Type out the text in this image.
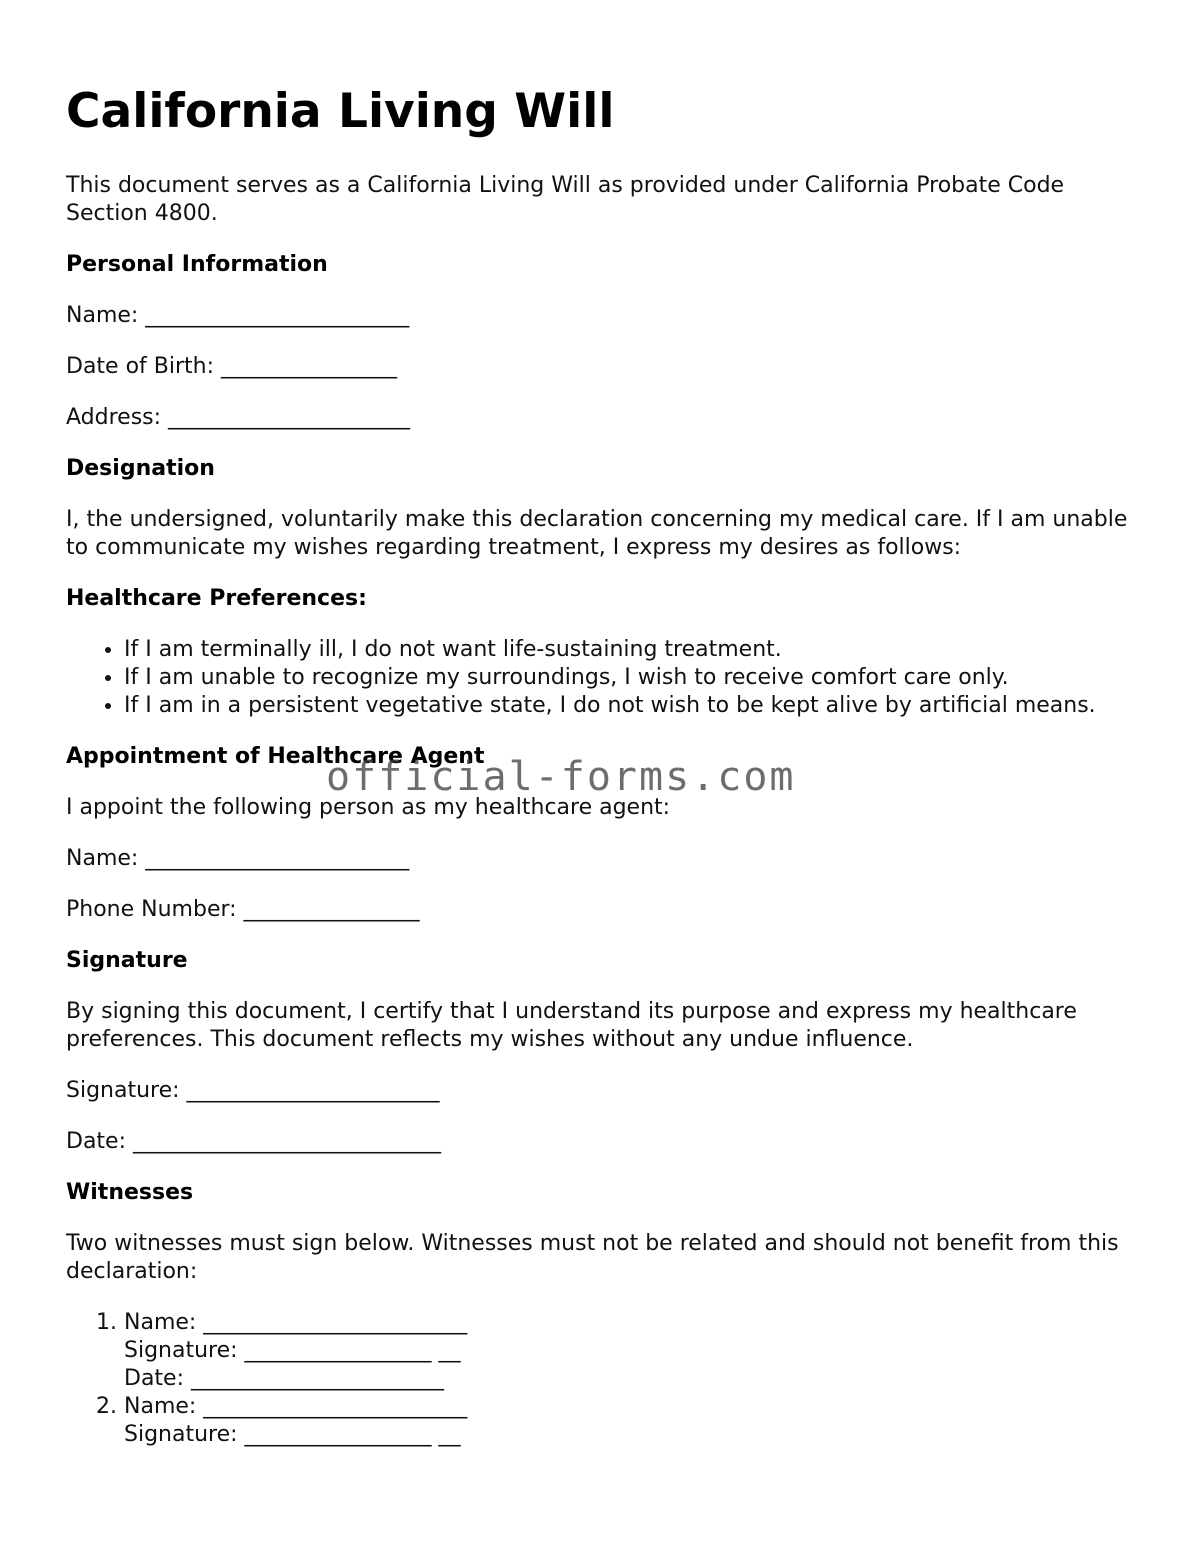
California Living Will

This document serves as a California Living Will as provided under California Probate Code Section 4800.

Personal Information

Name: ________________________

Date of Birth: ________________

Address: ______________________

Designation

I, the undersigned, voluntarily make this declaration concerning my medical care. If I am unable to communicate my wishes regarding treatment, I express my desires as follows:

Healthcare Preferences:
• If I am terminally ill, I do not want life-sustaining treatment.
• If I am unable to recognize my surroundings, I wish to receive comfort care only.
• If I am in a persistent vegetative state, I do not wish to be kept alive by artificial means.
Appointment of Healthcare Agent

I appoint the following person as my healthcare agent:

Name: ________________________

Phone Number: ________________

Signature

By signing this document, I certify that I understand its purpose and express my healthcare preferences. This document reflects my wishes without any undue influence.

Signature: _______________________

Date: ____________________________

Witnesses

Two witnesses must sign below. Witnesses must not be related and should not benefit from this declaration:

1. Name: ________________________
Signature: _________________ __
Date: _______________________
2. Name: ________________________
Signature: _________________ __
official-forms.com
